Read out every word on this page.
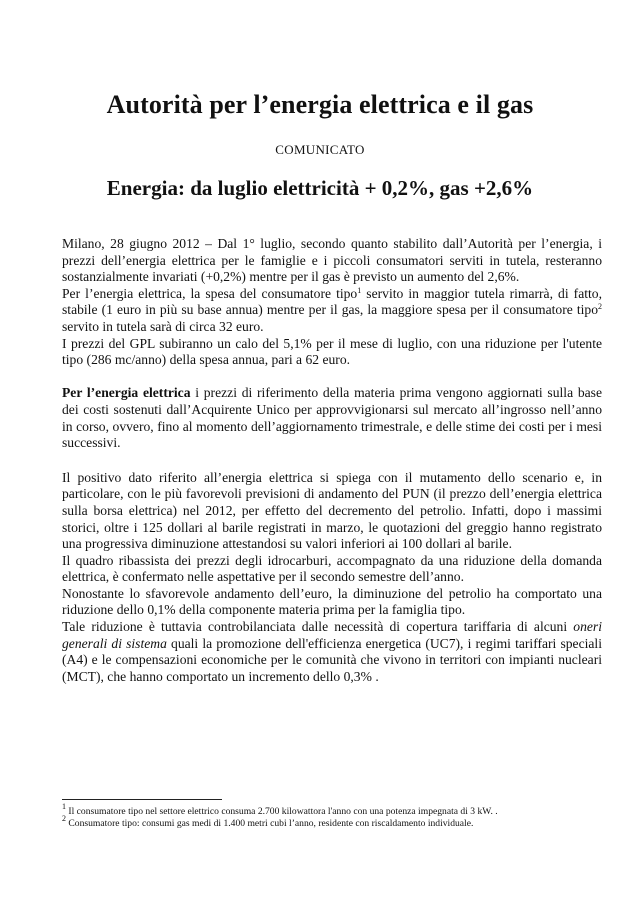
Autorità per l’energia elettrica e il gas
COMUNICATO
Energia: da luglio elettricità + 0,2%, gas +2,6%

Milano, 28 giugno 2012 – Dal 1° luglio, secondo quanto stabilito dall’Autorità per l’energia, i prezzi dell’energia elettrica per le famiglie e i piccoli consumatori serviti in tutela, resteranno sostanzialmente invariati (+0,2%) mentre per il gas è previsto un aumento del 2,6%.

Per l’energia elettrica, la spesa del consumatore tipo$^1$ servito in maggior tutela rimarrà, di fatto, stabile (1 euro in più su base annua) mentre per il gas, la maggiore spesa per il consumatore tipo$^2$ servito in tutela sarà di circa 32 euro.

I prezzi del GPL subiranno un calo del 5,1% per il mese di luglio, con una riduzione per l'utente tipo (286 mc/anno) della spesa annua, pari a 62 euro.

Per l’energia elettrica i prezzi di riferimento della materia prima vengono aggiornati sulla base dei costi sostenuti dall’Acquirente Unico per approvvigionarsi sul mercato all’ingrosso nell’anno in corso, ovvero, fino al momento dell’aggiornamento trimestrale, e delle stime dei costi per i mesi successivi.

Il positivo dato riferito all’energia elettrica si spiega con il mutamento dello scenario e, in particolare, con le più favorevoli previsioni di andamento del PUN (il prezzo dell’energia elettrica sulla borsa elettrica) nel 2012, per effetto del decremento del petrolio. Infatti, dopo i massimi storici, oltre i 125 dollari al barile registrati in marzo, le quotazioni del greggio hanno registrato una progressiva diminuzione attestandosi su valori inferiori ai 100 dollari al barile.

Il quadro ribassista dei prezzi degli idrocarburi, accompagnato da una riduzione della domanda elettrica, è confermato nelle aspettative per il secondo semestre dell’anno.

Nonostante lo sfavorevole andamento dell’euro, la diminuzione del petrolio ha comportato una riduzione dello 0,1% della componente materia prima per la famiglia tipo.

Tale riduzione è tuttavia controbilanciata dalle necessità di copertura tariffaria di alcuni oneri generali di sistema quali la promozione dell'efficienza energetica (UC7), i regimi tariffari speciali (A4) e le compensazioni economiche per le comunità che vivono in territori con impianti nucleari (MCT), che hanno comportato un incremento dello 0,3% .

$^1$ Il consumatore tipo nel settore elettrico consuma 2.700 kilowattora l'anno con una potenza impegnata di 3 kW. .
$^2$ Consumatore tipo: consumi gas medi di 1.400 metri cubi l’anno, residente con riscaldamento individuale.
